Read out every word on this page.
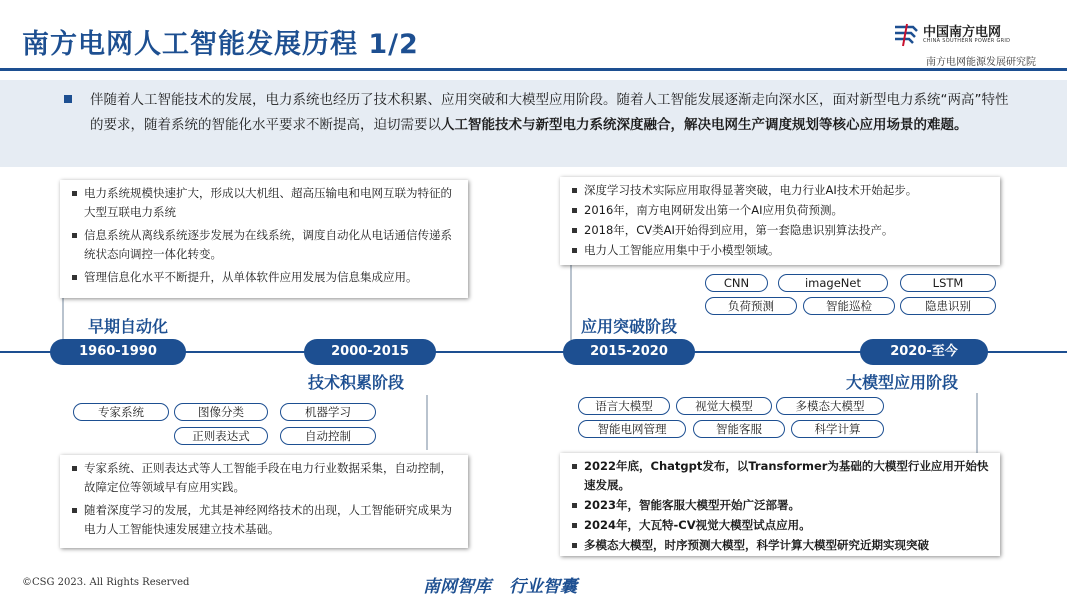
南方电网人工智能发展历程 1/2	中国南方电网
CHINA SOUTHERN POWER GRID
南方电网能源发展研究院
伴随着人工智能技术的发展，电力系统也经历了技术积累、应用突破和大模型应用阶段。随着人工智能发展逐渐走向深水区，面对新型电力系统“两高”特性的要求，随着系统的智能化水平要求不断提高，迫切需要以人工智能技术与新型电力系统深度融合，解决电网生产调度规划等核心应用场景的难题。
电力系统规模快速扩大，形成以大机组、超高压输电和电网互联为特征的大型互联电力系统
信息系统从离线系统逐步发展为在线系统，调度自动化从电话通信传递系统状态向调控一体化转变。
管理信息化水平不断提升，从单体软件应用发展为信息集成应用。
深度学习技术实际应用取得显著突破，电力行业AI技术开始起步。
2016年，南方电网研发出第一个AI应用负荷预测。
2018年，CV类AI开始得到应用，第一套隐患识别算法投产。
电力人工智能应用集中于小模型领域。
专家系统、正则表达式等人工智能手段在电力行业数据采集，自动控制，故障定位等领域早有应用实践。
随着深度学习的发展，尤其是神经网络技术的出现，人工智能研究成果为电力人工智能快速发展建立技术基础。
2022年底，Chatgpt发布，以Transformer为基础的大模型行业应用开始快速发展。
2023年，智能客服大模型开始广泛部署。
2024年，大瓦特-CV视觉大模型试点应用。
多模态大模型，时序预测大模型，科学计算大模型研究近期实现突破
1960-1990	2000-2015	2015-2020	2020-至今
早期自动化
技术积累阶段
应用突破阶段
大模型应用阶段
专家系统	图像分类	机器学习
正则表达式	自动控制
CNN	imageNet	LSTM
负荷预测	智能巡检	隐患识别
语言大模型	视觉大模型	多模态大模型
智能电网管理	智能客服	科学计算
©CSG 2023. All Rights Reserved	南网智库 行业智囊
